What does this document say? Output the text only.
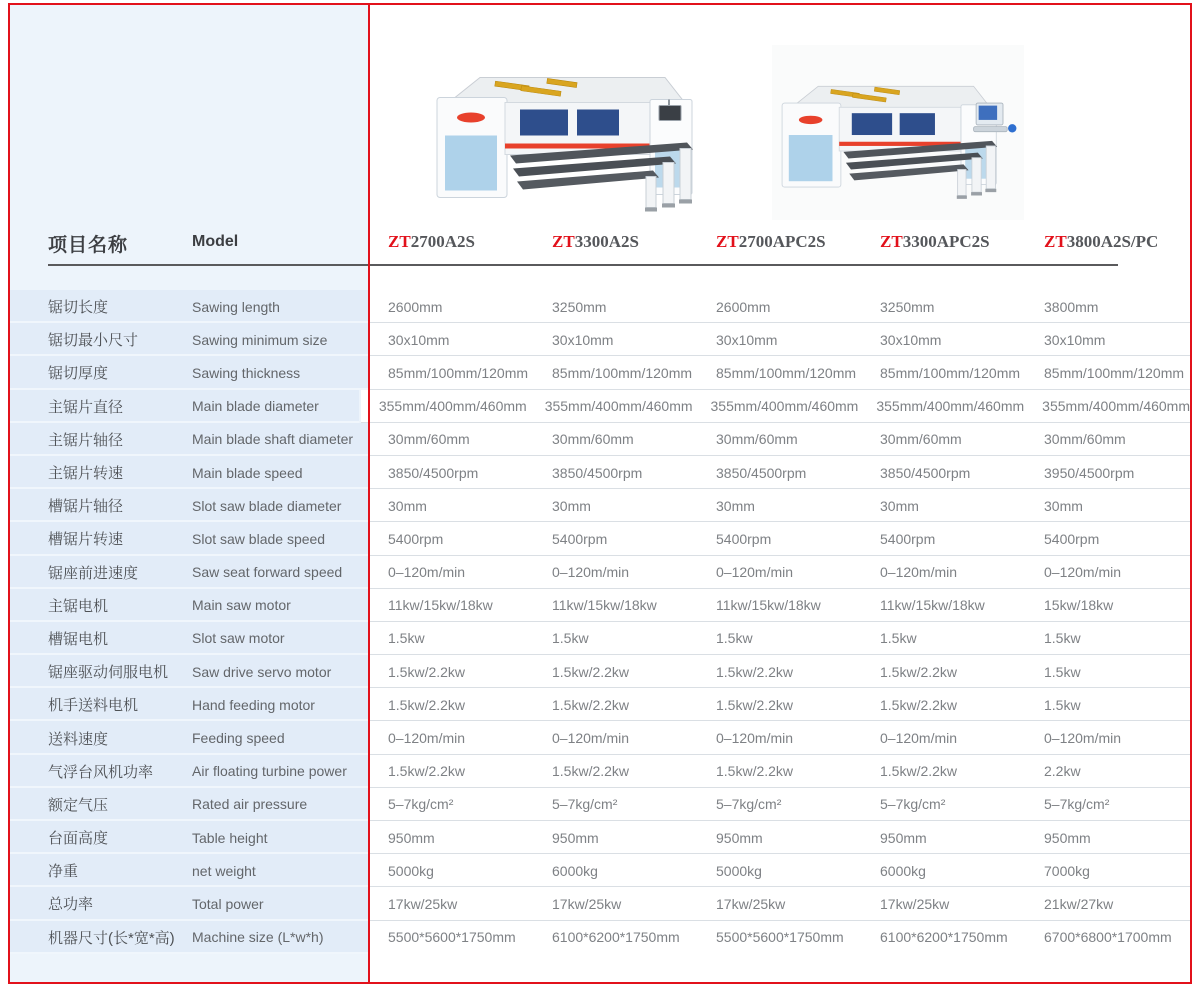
项目名称	Model	ZT2700A2S	ZT3300A2S	ZT2700APC2S	ZT3300APC2S	ZT3800A2S/PC
锯切长度	Sawing length	2600mm	3250mm	2600mm	3250mm	3800mm
锯切最小尺寸	Sawing minimum size	30x10mm	30x10mm	30x10mm	30x10mm	30x10mm
锯切厚度	Sawing thickness	85mm/100mm/120mm	85mm/100mm/120mm	85mm/100mm/120mm	85mm/100mm/120mm	85mm/100mm/120mm
主锯片直径	Main blade diameter	355mm/400mm/460mm	355mm/400mm/460mm	355mm/400mm/460mm	355mm/400mm/460mm	355mm/400mm/460mm
主锯片轴径	Main blade shaft diameter	30mm/60mm	30mm/60mm	30mm/60mm	30mm/60mm	30mm/60mm
主锯片转速	Main blade speed	3850/4500rpm	3850/4500rpm	3850/4500rpm	3850/4500rpm	3950/4500rpm
槽锯片轴径	Slot saw blade diameter	30mm	30mm	30mm	30mm	30mm
槽锯片转速	Slot saw blade speed	5400rpm	5400rpm	5400rpm	5400rpm	5400rpm
锯座前进速度	Saw seat forward speed	0–120m/min	0–120m/min	0–120m/min	0–120m/min	0–120m/min
主锯电机	Main saw motor	11kw/15kw/18kw	11kw/15kw/18kw	11kw/15kw/18kw	11kw/15kw/18kw	15kw/18kw
槽锯电机	Slot saw motor	1.5kw	1.5kw	1.5kw	1.5kw	1.5kw
锯座驱动伺服电机	Saw drive servo motor	1.5kw/2.2kw	1.5kw/2.2kw	1.5kw/2.2kw	1.5kw/2.2kw	1.5kw
机手送料电机	Hand feeding motor	1.5kw/2.2kw	1.5kw/2.2kw	1.5kw/2.2kw	1.5kw/2.2kw	1.5kw
送料速度	Feeding speed	0–120m/min	0–120m/min	0–120m/min	0–120m/min	0–120m/min
气浮台风机功率	Air floating turbine power	1.5kw/2.2kw	1.5kw/2.2kw	1.5kw/2.2kw	1.5kw/2.2kw	2.2kw
额定气压	Rated air pressure	5–7kg/cm²	5–7kg/cm²	5–7kg/cm²	5–7kg/cm²	5–7kg/cm²
台面高度	Table height	950mm	950mm	950mm	950mm	950mm
净重	net weight	5000kg	6000kg	5000kg	6000kg	7000kg
总功率	Total power	17kw/25kw	17kw/25kw	17kw/25kw	17kw/25kw	21kw/27kw
机器尺寸(长*宽*高)	Machine size (L*w*h)	5500*5600*1750mm	6100*6200*1750mm	5500*5600*1750mm	6100*6200*1750mm	6700*6800*1700mm
